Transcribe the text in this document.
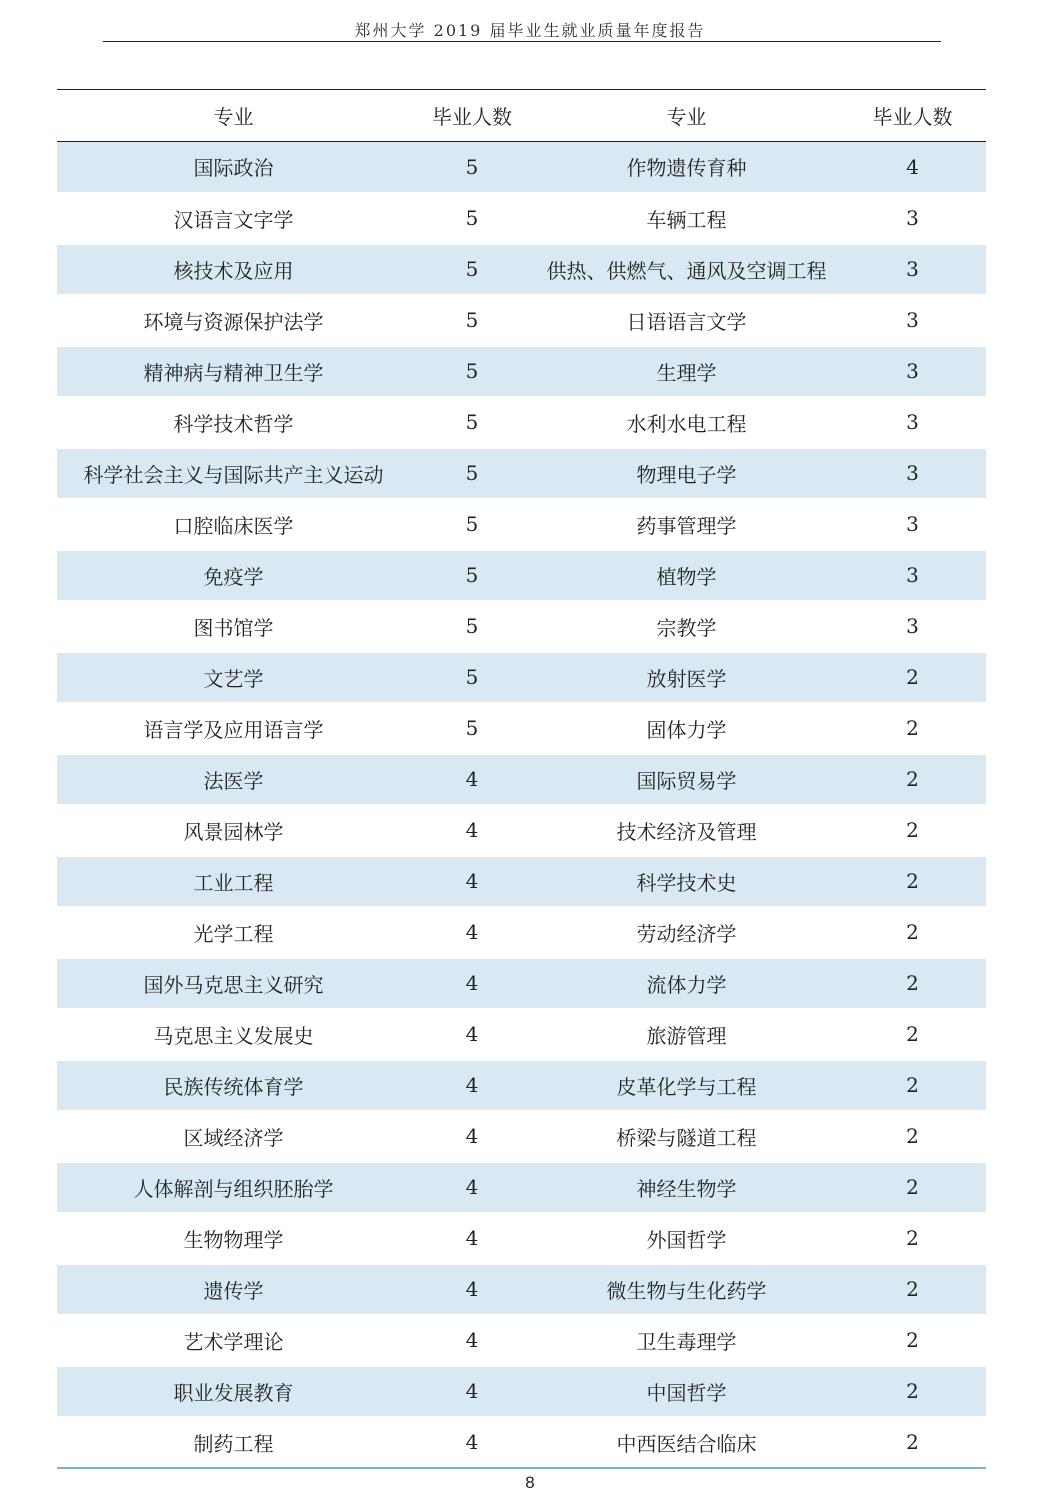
郑州大学 2019 届毕业生就业质量年度报告
专业	毕业人数	专业	毕业人数
国际政治	5	作物遗传育种	4
汉语言文字学	5	车辆工程	3
核技术及应用	5	供热、供燃气、通风及空调工程	3
环境与资源保护法学	5	日语语言文学	3
精神病与精神卫生学	5	生理学	3
科学技术哲学	5	水利水电工程	3
科学社会主义与国际共产主义运动	5	物理电子学	3
口腔临床医学	5	药事管理学	3
免疫学	5	植物学	3
图书馆学	5	宗教学	3
文艺学	5	放射医学	2
语言学及应用语言学	5	固体力学	2
法医学	4	国际贸易学	2
风景园林学	4	技术经济及管理	2
工业工程	4	科学技术史	2
光学工程	4	劳动经济学	2
国外马克思主义研究	4	流体力学	2
马克思主义发展史	4	旅游管理	2
民族传统体育学	4	皮革化学与工程	2
区域经济学	4	桥梁与隧道工程	2
人体解剖与组织胚胎学	4	神经生物学	2
生物物理学	4	外国哲学	2
遗传学	4	微生物与生化药学	2
艺术学理论	4	卫生毒理学	2
职业发展教育	4	中国哲学	2
制药工程	4	中西医结合临床	2
8
